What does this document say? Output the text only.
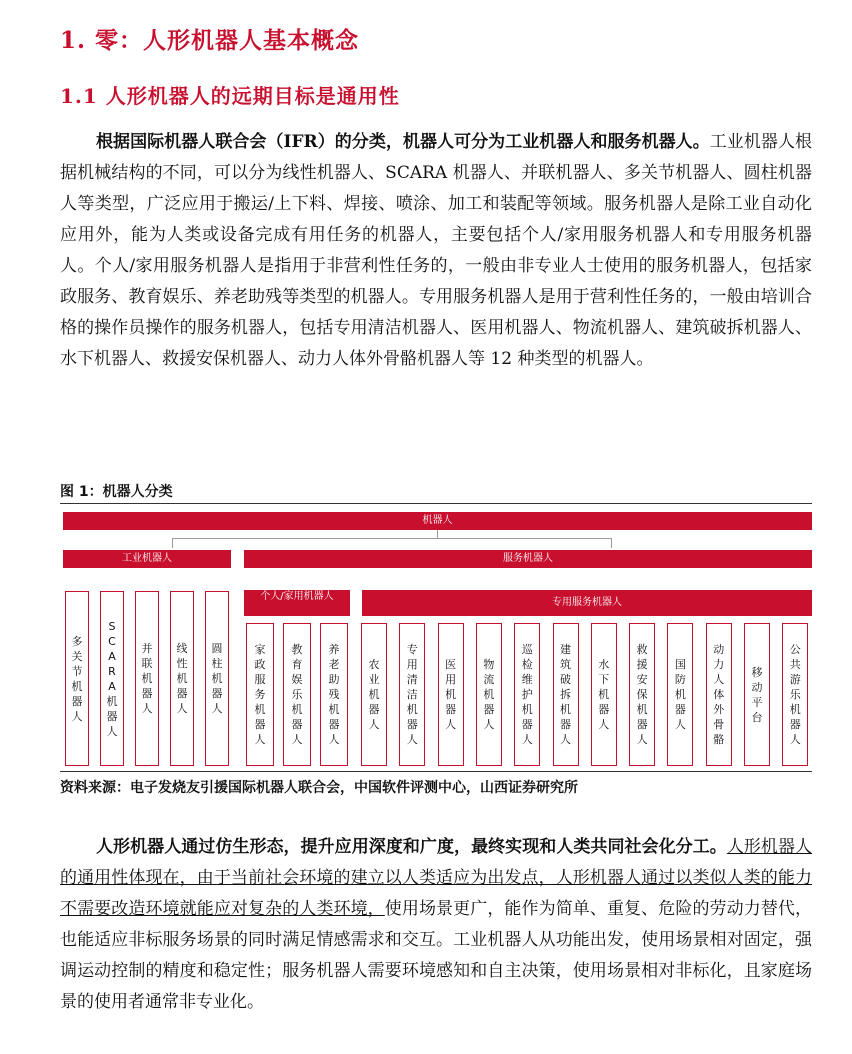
1. 零：人形机器人基本概念
1.1 人形机器人的远期目标是通用性

根据国际机器人联合会（IFR）的分类，机器人可分为工业机器人和服务机器人。工业机器人根据机械结构的不同，可以分为线性机器人、SCARA 机器人、并联机器人、多关节机器人、圆柱机器人等类型，广泛应用于搬运/上下料、焊接、喷涂、加工和装配等领域。服务机器人是除工业自动化应用外，能为人类或设备完成有用任务的机器人，主要包括个人/家用服务机器人和专用服务机器人。个人/家用服务机器人是指用于非营利性任务的，一般由非专业人士使用的服务机器人，包括家政服务、教育娱乐、养老助残等类型的机器人。专用服务机器人是用于营利性任务的，一般由培训合格的操作员操作的服务机器人，包括专用清洁机器人、医用机器人、物流机器人、建筑破拆机器人、水下机器人、救援安保机器人、动力人体外骨骼机器人等 12 种类型的机器人。

图 1：机器人分类
机器人
工业机器人	服务机器人
个人/家用机器人
专用服务机器人
多关节机器人
SCARA机器人
并联机器人
线性机器人
圆柱机器人
家政服务机器人
教育娱乐机器人
养老助残机器人
农业机器人
专用清洁机器人
医用机器人
物流机器人
巡检维护机器人
建筑破拆机器人
水下机器人
救援安保机器人
国防机器人
动力人体外骨骼
移动平台
公共游乐机器人
资料来源：电子发烧友引援国际机器人联合会，中国软件评测中心，山西证券研究所

人形机器人通过仿生形态，提升应用深度和广度，最终实现和人类共同社会化分工。人形机器人的通用性体现在，由于当前社会环境的建立以人类适应为出发点，人形机器人通过以类似人类的能力不需要改造环境就能应对复杂的人类环境，使用场景更广，能作为简单、重复、危险的劳动力替代，也能适应非标服务场景的同时满足情感需求和交互。工业机器人从功能出发，使用场景相对固定，强调运动控制的精度和稳定性；服务机器人需要环境感知和自主决策，使用场景相对非标化，且家庭场景的使用者通常非专业化。
